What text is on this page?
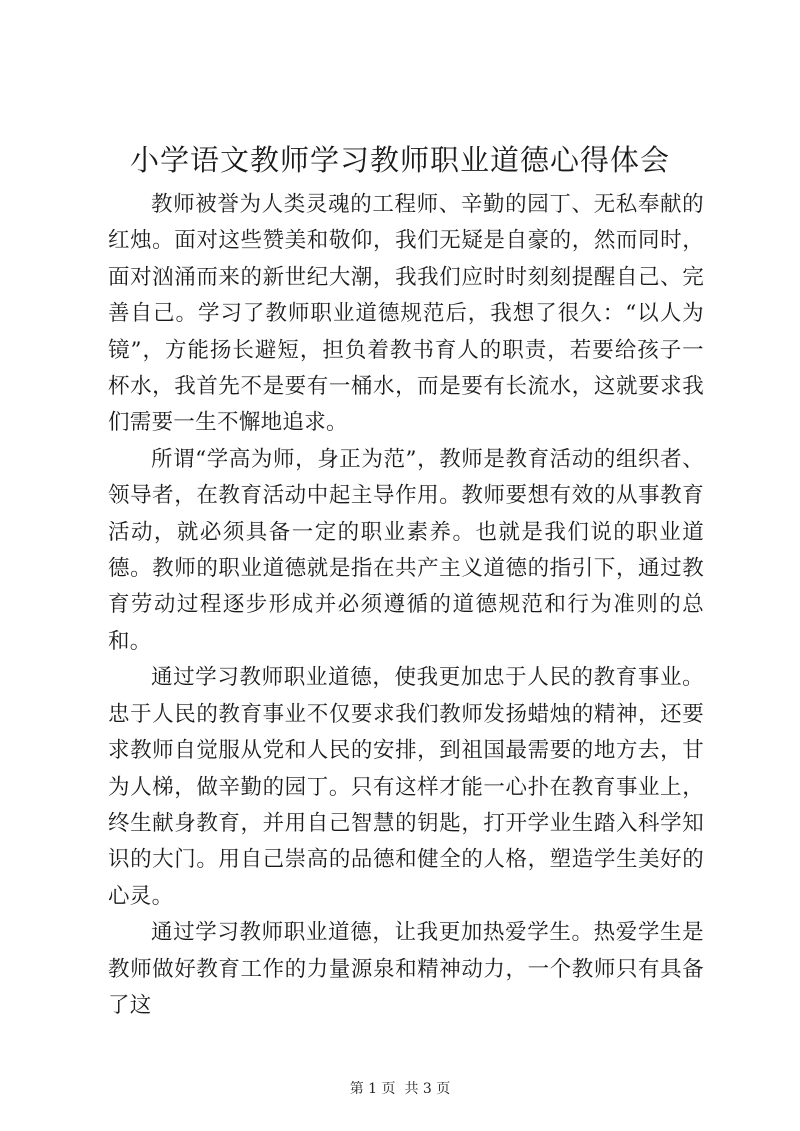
小学语文教师学习教师职业道德心得体会

教师被誉为人类灵魂的工程师、辛勤的园丁、无私奉献的红烛。面对这些赞美和敬仰，我们无疑是自豪的，然而同时，面对汹涌而来的新世纪大潮，我我们应时时刻刻提醒自己、完善自己。学习了教师职业道德规范后，我想了很久：“以人为镜”，方能扬长避短，担负着教书育人的职责，若要给孩子一杯水，我首先不是要有一桶水，而是要有长流水，这就要求我们需要一生不懈地追求。

所谓“学高为师，身正为范”，教师是教育活动的组织者、领导者，在教育活动中起主导作用。教师要想有效的从事教育活动，就必须具备一定的职业素养。也就是我们说的职业道德。教师的职业道德就是指在共产主义道德的指引下，通过教育劳动过程逐步形成并必须遵循的道德规范和行为准则的总和。

通过学习教师职业道德，使我更加忠于人民的教育事业。忠于人民的教育事业不仅要求我们教师发扬蜡烛的精神，还要求教师自觉服从党和人民的安排，到祖国最需要的地方去，甘为人梯，做辛勤的园丁。只有这样才能一心扑在教育事业上，终生献身教育，并用自己智慧的钥匙，打开学业生踏入科学知识的大门。用自己崇高的品德和健全的人格，塑造学生美好的心灵。

通过学习教师职业道德，让我更加热爱学生。热爱学生是教师做好教育工作的力量源泉和精神动力，一个教师只有具备了这

第 1 页  共 3 页
